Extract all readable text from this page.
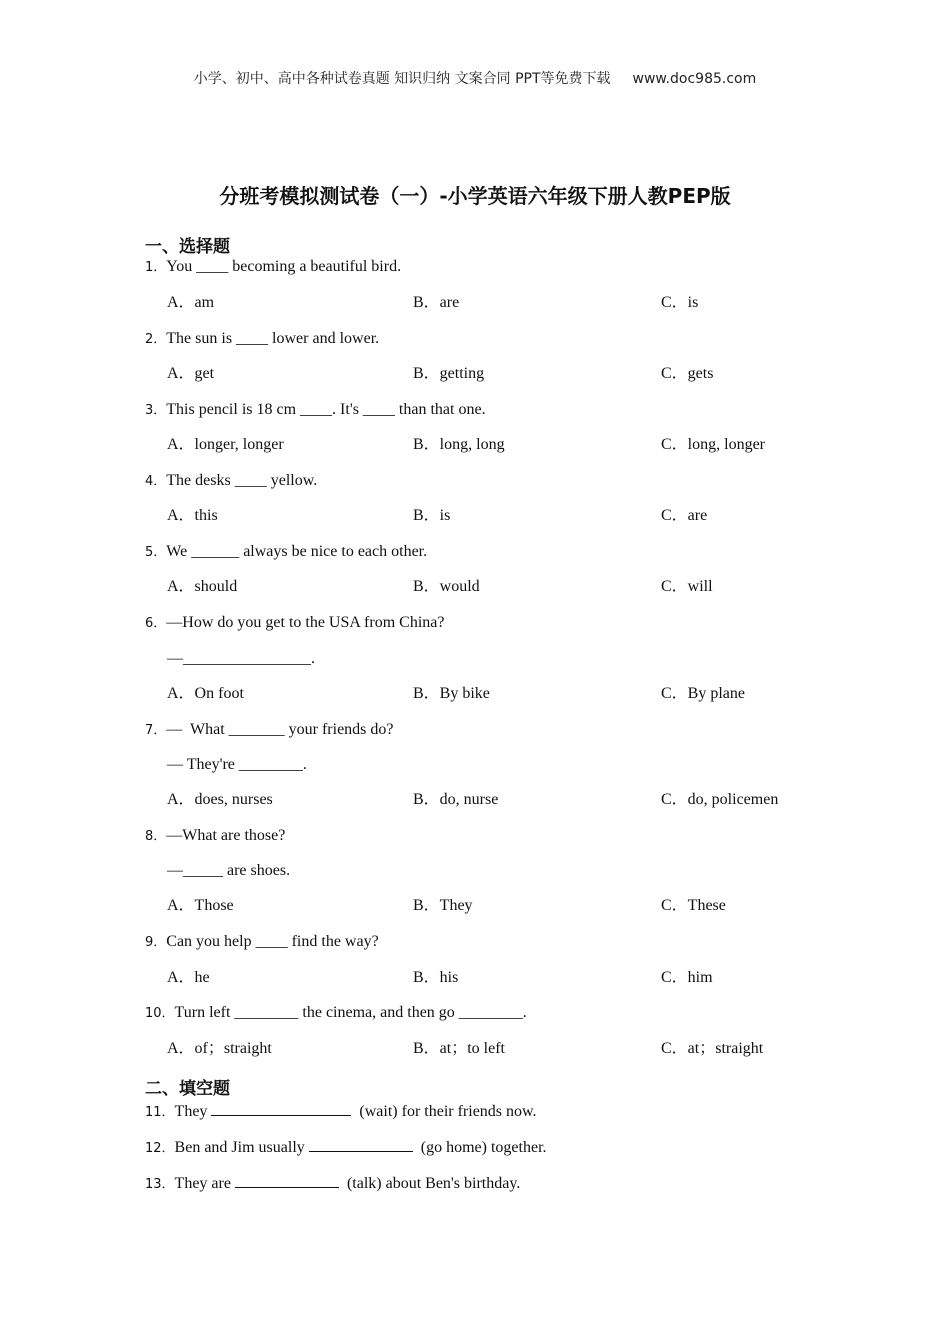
小学、初中、高中各种试卷真题 知识归纳 文案合同 PPT等免费下载 www.doc985.com
分班考模拟测试卷（一）-小学英语六年级下册人教PEP版
一、选择题
1．You ____ becoming a beautiful bird.
A．am	B．are	C．is
2．The sun is ____ lower and lower.
A．get	B．getting	C．gets
3．This pencil is 18 cm ____. It's ____ than that one.
A．longer, longer	B．long, long	C．long, longer
4．The desks ____ yellow.
A．this	B．is	C．are
5．We ______ always be nice to each other.
A．should	B．would	C．will
6．—How do you get to the USA from China?
—________________.
A．On foot	B．By bike	C．By plane
7．—  What _______ your friends do?
— They're ________.
A．does, nurses	B．do, nurse	C．do, policemen
8．—What are those?
—_____ are shoes.
A．Those	B．They	C．These
9．Can you help ____ find the way?
A．he	B．his	C．him
10．Turn left ________ the cinema, and then go ________.
A．of；straight	B．at；to left	C．at；straight
二、填空题
11．They	(wait) for their friends now.
12．Ben and Jim usually	(go home) together.
13．They are	(talk) about Ben's birthday.
